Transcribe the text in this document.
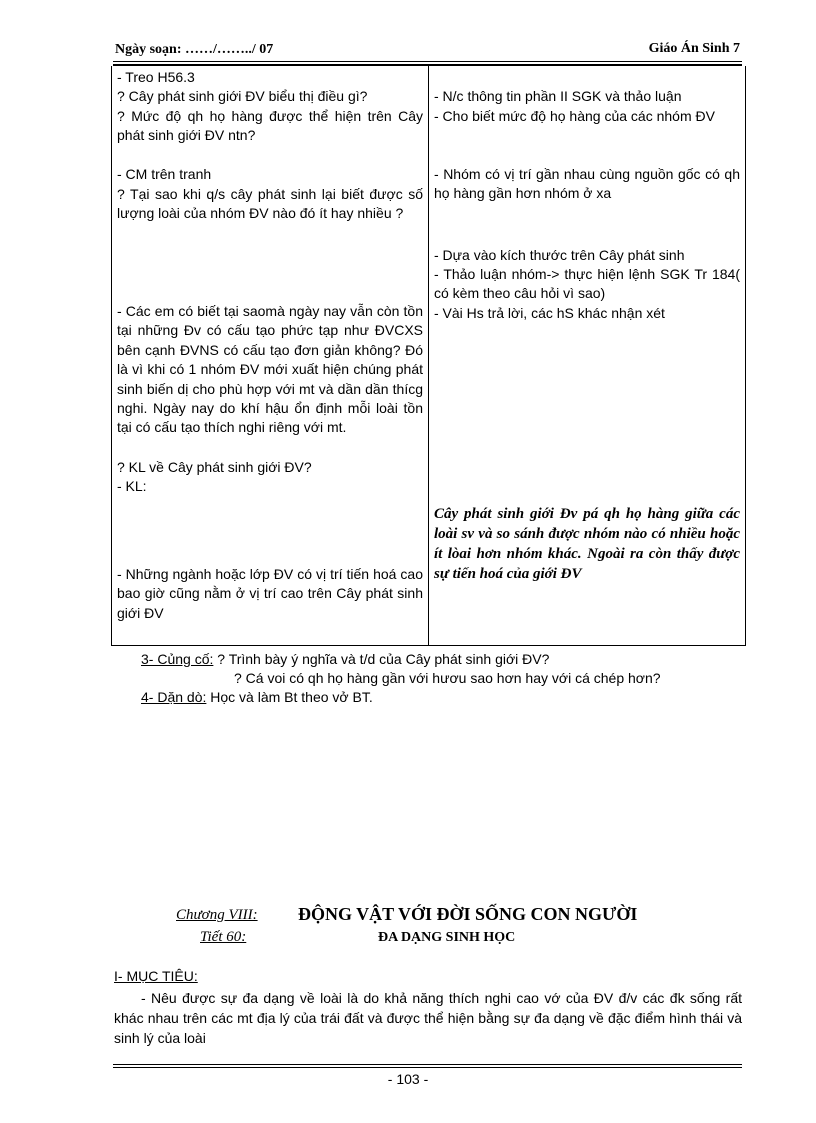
Ngày soạn: ……/……../ 07	Giáo Án Sinh 7
- Treo H56.3
? Cây phát sinh giới ĐV biểu thị điều gì?
? Mức độ qh họ hàng được thể hiện trên Cây phát sinh giới ĐV ntn?
- CM trên tranh
? Tại sao khi q/s cây phát sinh lại biết được số lượng loài của nhóm ĐV nào đó ít hay nhiều ?
- Các em có biết tại saomà ngày nay vẫn còn tồn tại những Đv có cấu tạo phức tạp như ĐVCXS bên cạnh ĐVNS có cấu tạo đơn giản không? Đó là vì khi có 1 nhóm ĐV mới xuất hiện chúng phát sinh biến dị cho phù hợp với mt và dần dần thícg nghi. Ngày nay do khí hậu ổn định mỗi loài tồn tại có cấu tạo thích nghi riêng với mt.
? KL về Cây phát sinh giới ĐV?
- KL:
- Những ngành hoặc lớp ĐV có vị trí tiến hoá cao bao giờ cũng nằm ở vị trí cao trên Cây phát sinh giới ĐV
- N/c thông tin phần II SGK và thảo luận
- Cho biết mức độ họ hàng của các nhóm ĐV
- Nhóm có vị trí gần nhau cùng nguồn gốc có qh họ hàng gần hơn nhóm ở xa
- Dựa vào kích thước trên Cây phát sinh
- Thảo luận nhóm-> thực hiện lệnh SGK Tr 184( có kèm theo câu hỏi vì sao)
- Vài Hs trả lời, các hS khác nhận xét
Cây phát sinh giới Đv pá qh họ hàng giữa các loài sv và so sánh được nhóm nào có nhiều hoặc ít lòai hơn nhóm khác. Ngoài ra còn thấy được sự tiến hoá của giới ĐV
3- Củng cố: ? Trình bày ý nghĩa và t/d của Cây phát sinh giới ĐV?
? Cá voi có qh họ hàng gần với hươu sao hơn hay với cá chép hơn?
4- Dặn dò: Học và làm Bt theo vở BT.
Chương VIII: ĐỘNG VẬT VỚI ĐỜI SỐNG CON NGƯỜI
Tiết 60:	ĐA DẠNG SINH HỌC
I- MỤC TIÊU:
- Nêu được sự đa dạng về loài là do khả năng thích nghi cao vớ của ĐV đ/v các đk sống rất khác nhau trên các mt địa lý của trái đất và được thể hiện bằng sự đa dạng về đặc điểm hình thái và sinh lý của loài
- 103 -
